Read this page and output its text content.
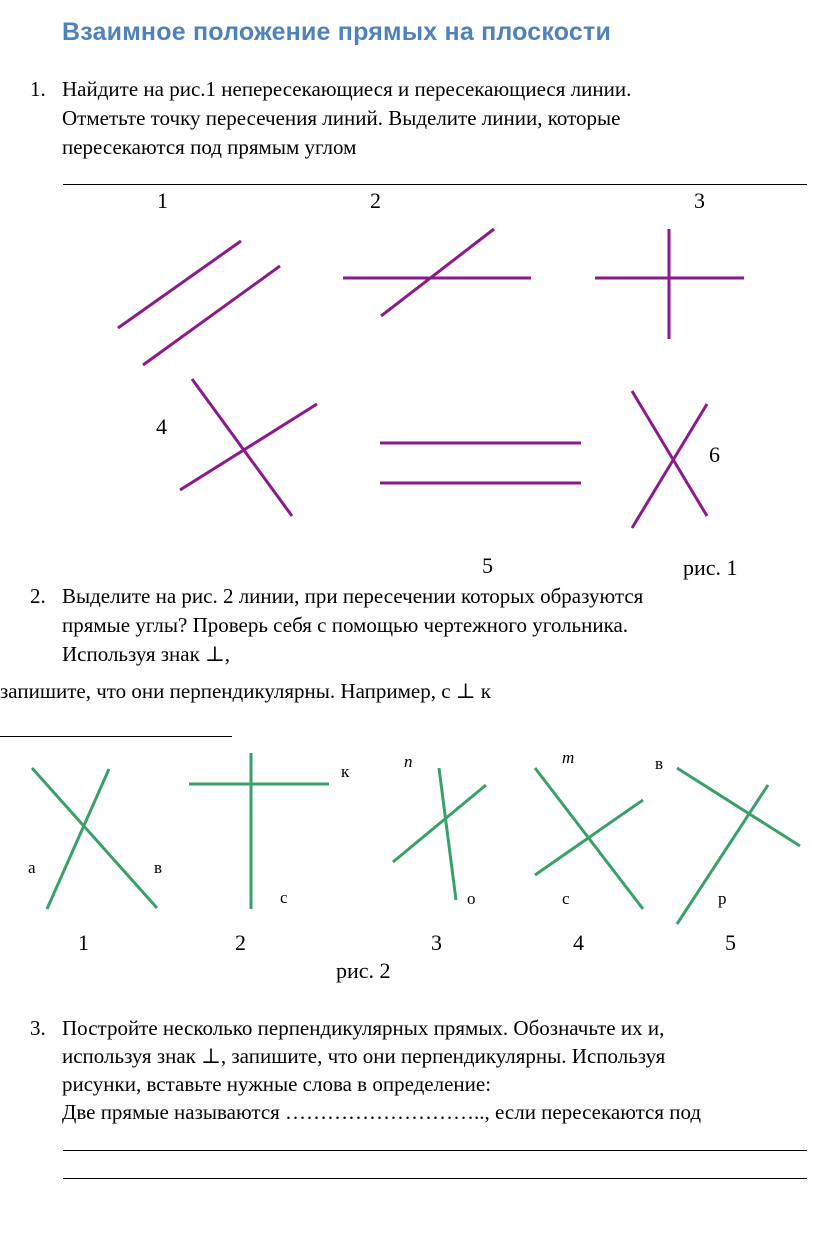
Взаимное положение прямых на плоскости
1. Найдите на рис.1 непересекающиеся и пересекающиеся линии.
Отметьте точку пересечения линий. Выделите линии, которые
пересекаются под прямым углом
1	2	3
4
5
6
рис. 1
2. Выделите на рис. 2 линии, при пересечении которых образуются
прямые углы? Проверь себя с помощью чертежного угольника.
Используя знак ⊥,
запишите, что они перпендикулярны. Например, с ⊥ к
а	в
к
с
n
о
m
с
в
р
1	2	3	4	5
рис. 2
3. Постройте несколько перпендикулярных прямых. Обозначьте их и,
используя знак ⊥, запишите, что они перпендикулярны. Используя
рисунки, вставьте нужные слова в определение:
Две прямые называются ……………………….., если пересекаются под
